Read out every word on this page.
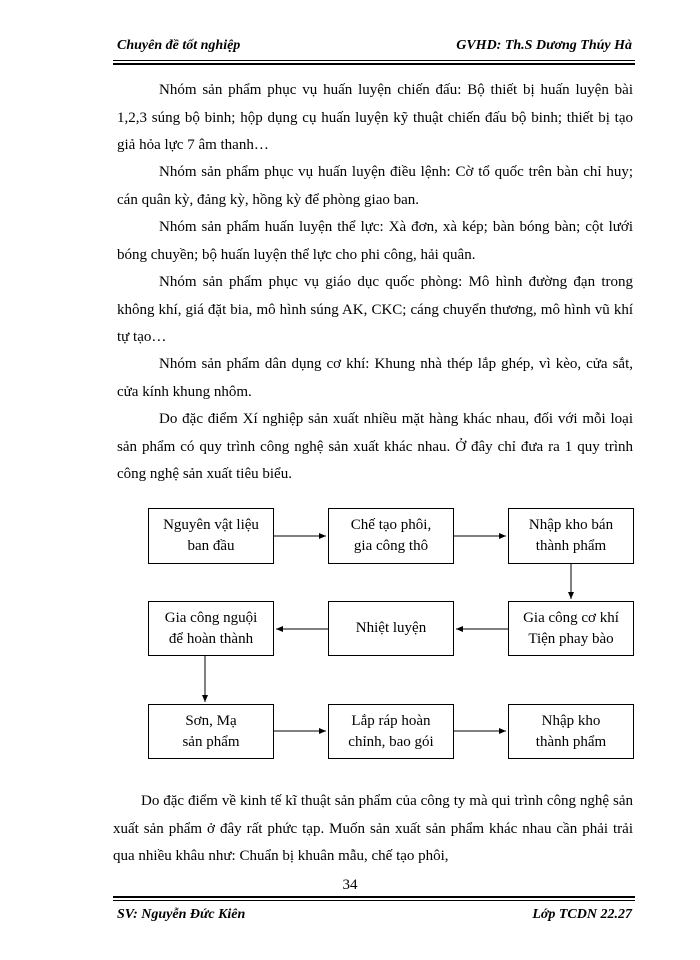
Chuyên đề tốt nghiệp	GVHD: Th.S Dương Thúy Hà

Nhóm sản phẩm phục vụ huấn luyện chiến đấu: Bộ thiết bị huấn luyện bài 1,2,3 súng bộ binh; hộp dụng cụ huấn luyện kỹ thuật chiến đấu bộ binh; thiết bị tạo giả hỏa lực 7 âm thanh…

Nhóm sản phẩm phục vụ huấn luyện điều lệnh: Cờ tổ quốc trên bàn chỉ huy; cán quân kỳ, đảng kỳ, hồng kỳ để phòng giao ban.

Nhóm sản phẩm huấn luyện thể lực: Xà đơn, xà kép; bàn bóng bàn; cột lưới bóng chuyền; bộ huấn luyện thể lực cho phi công, hải quân.

Nhóm sản phẩm phục vụ giáo dục quốc phòng: Mô hình đường đạn trong không khí, giá đặt bia, mô hình súng AK, CKC; cáng chuyển thương, mô hình vũ khí tự tạo…

Nhóm sản phẩm dân dụng cơ khí: Khung nhà thép lắp ghép, vì kèo, cửa sắt, cửa kính khung nhôm.

Do đặc điểm Xí nghiệp sản xuất nhiều mặt hàng khác nhau, đối với mỗi loại sản phẩm có quy trình công nghệ sản xuất khác nhau. Ở đây chỉ đưa ra 1 quy trình công nghệ sản xuất tiêu biểu.

Nguyên vật liệu
ban đầu
Chế tạo phôi,
gia công thô
Nhập kho bán
thành phẩm
Gia công cơ khí
Tiện phay bào
Nhiệt luyện
Gia công nguội
để hoàn thành
Sơn, Mạ
sản phẩm
Lắp ráp hoàn
chỉnh, bao gói
Nhập kho
thành phẩm

Do đặc điểm về kinh tế kĩ thuật sản phẩm của công ty mà qui trình công nghệ sản xuất sản phẩm ở đây rất phức tạp. Muốn sản xuất sản phẩm khác nhau cần phải trải qua nhiều khâu như: Chuẩn bị khuân mẫu, chế tạo phôi,

34
SV: Nguyễn Đức Kiên	Lớp TCDN 22.27
